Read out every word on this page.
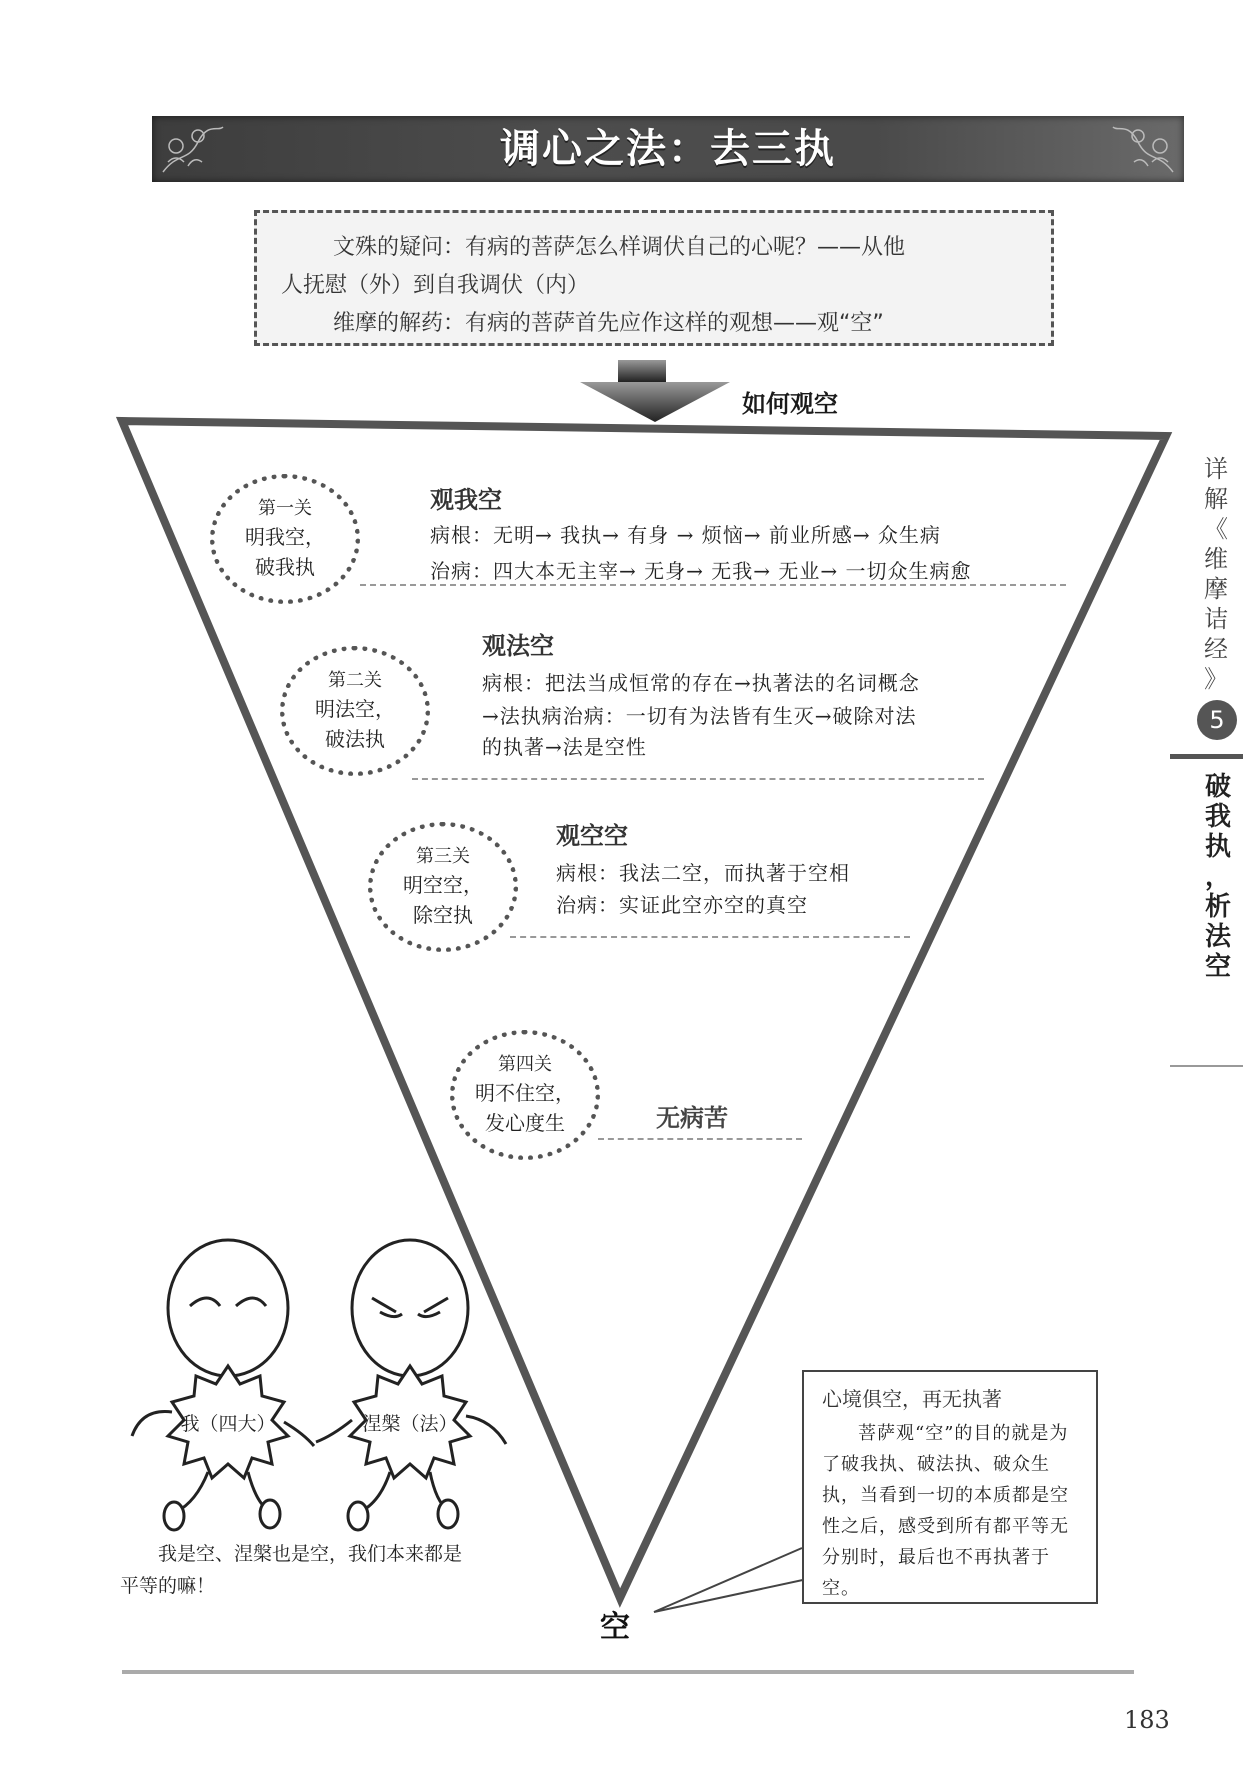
调心之法：去三执

文殊的疑问：有病的菩萨怎么样调伏自己的心呢？——从他

人抚慰（外）到自我调伏（内）

维摩的解药：有病的菩萨首先应作这样的观想——观“空”

如何观空
第一关
明我空，
破我执
观我空
病根：无明→ 我执→ 有身 → 烦恼→ 前业所感→ 众生病
治病：四大本无主宰→ 无身→ 无我→ 无业→ 一切众生病愈
第二关
明法空，
破法执
观法空
病根：把法当成恒常的存在→执著法的名词概念
→法执病治病：一切有为法皆有生灭→破除对法
的执著→法是空性
第三关
明空空，
除空执
观空空
病根：我法二空，而执著于空相
治病：实证此空亦空的真空
第四关
明不住空，
发心度生	无病苦
详
解
《
维
摩
诘
经
》
5
破
我
执
，
析
法
空
我（四大）	涅槃（法）
我是空、涅槃也是空，我们本来都是平等的嘛！
心境俱空，再无执著
菩萨观“空”的目的就是为了破我执、破法执、破众生执，当看到一切的本质都是空性之后，感受到所有都平等无分别时，最后也不再执著于空。
空
183
